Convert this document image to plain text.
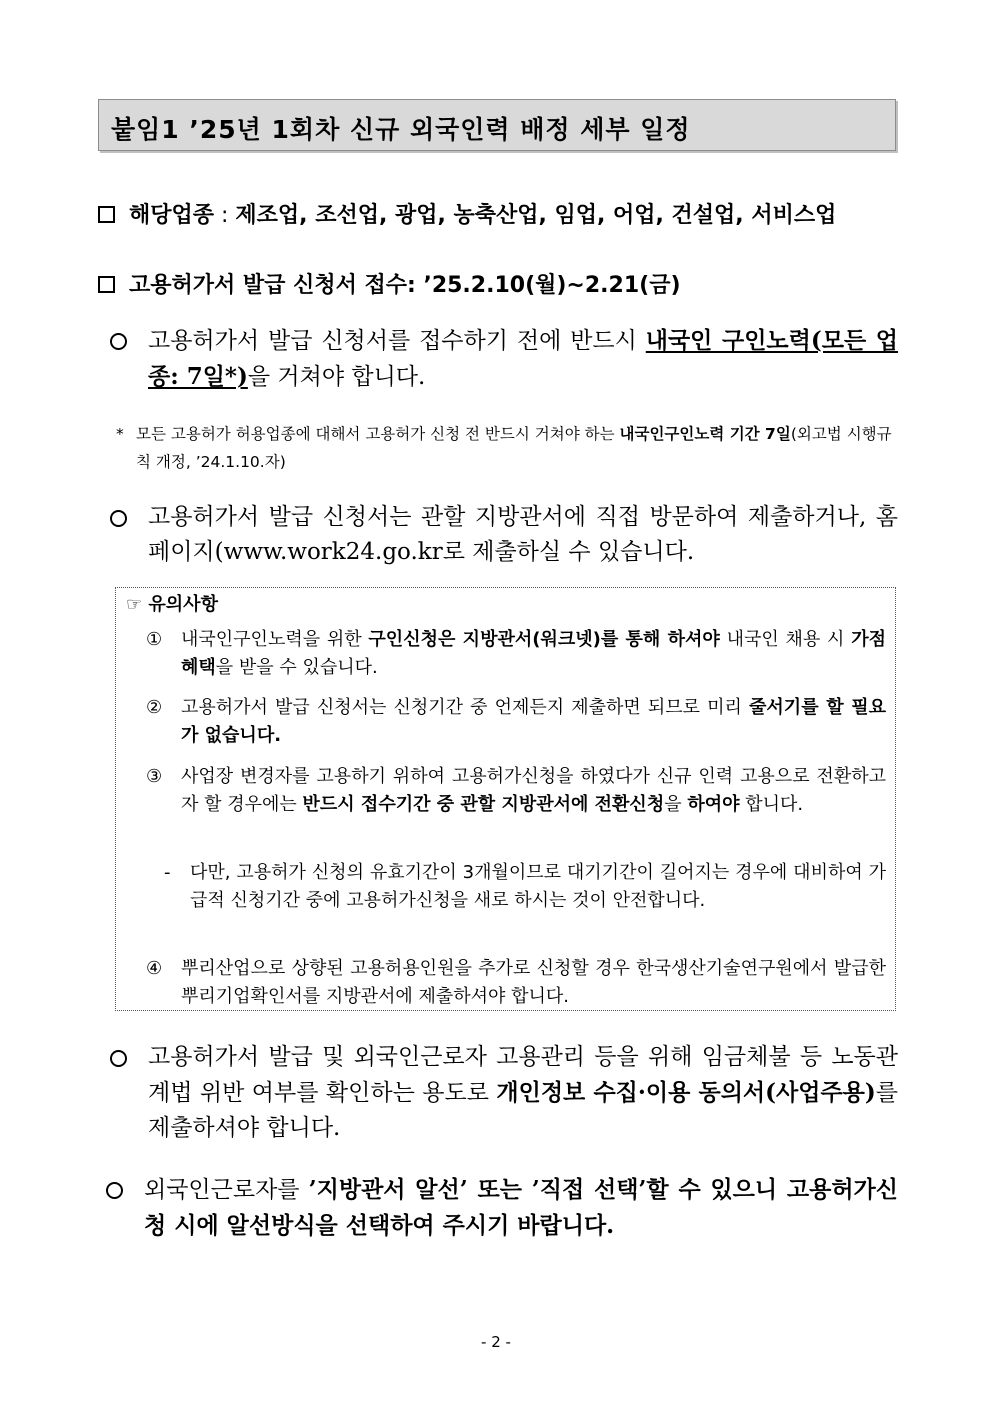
붙임1 ’25년 1회차 신규 외국인력 배정 세부 일정
해당업종 : 제조업, 조선업, 광업, 농축산업, 임업, 어업, 건설업, 서비스업
고용허가서 발급 신청서 접수: ’25.2.10(월)~2.21(금)
고용허가서 발급 신청서를 접수하기 전에 반드시 내국인 구인노력(모든 업종: 7일*)을 거쳐야 합니다.
* 모든 고용허가 허용업종에 대해서 고용허가 신청 전 반드시 거쳐야 하는 내국인구인노력 기간 7일(외고법 시행규칙 개정, ’24.1.10.자)
고용허가서 발급 신청서는 관할 지방관서에 직접 방문하여 제출하거나, 홈페이지(www.work24.go.kr로 제출하실 수 있습니다.
☞ 유의사항
① 내국인구인노력을 위한 구인신청은 지방관서(워크넷)를 통해 하셔야 내국인 채용 시 가점혜택을 받을 수 있습니다.
② 고용허가서 발급 신청서는 신청기간 중 언제든지 제출하면 되므로 미리 줄서기를 할 필요가 없습니다.
③ 사업장 변경자를 고용하기 위하여 고용허가신청을 하였다가 신규 인력 고용으로 전환하고자 할 경우에는 반드시 접수기간 중 관할 지방관서에 전환신청을 하여야 합니다.
- 다만, 고용허가 신청의 유효기간이 3개월이므로 대기기간이 길어지는 경우에 대비하여 가급적 신청기간 중에 고용허가신청을 새로 하시는 것이 안전합니다.
④ 뿌리산업으로 상향된 고용허용인원을 추가로 신청할 경우 한국생산기술연구원에서 발급한 뿌리기업확인서를 지방관서에 제출하셔야 합니다.
고용허가서 발급 및 외국인근로자 고용관리 등을 위해 임금체불 등 노동관계법 위반 여부를 확인하는 용도로 개인정보 수집·이용 동의서(사업주용)를 제출하셔야 합니다.
외국인근로자를 ’지방관서 알선’ 또는 ’직접 선택’할 수 있으니 고용허가신청 시에 알선방식을 선택하여 주시기 바랍니다.
- 2 -
